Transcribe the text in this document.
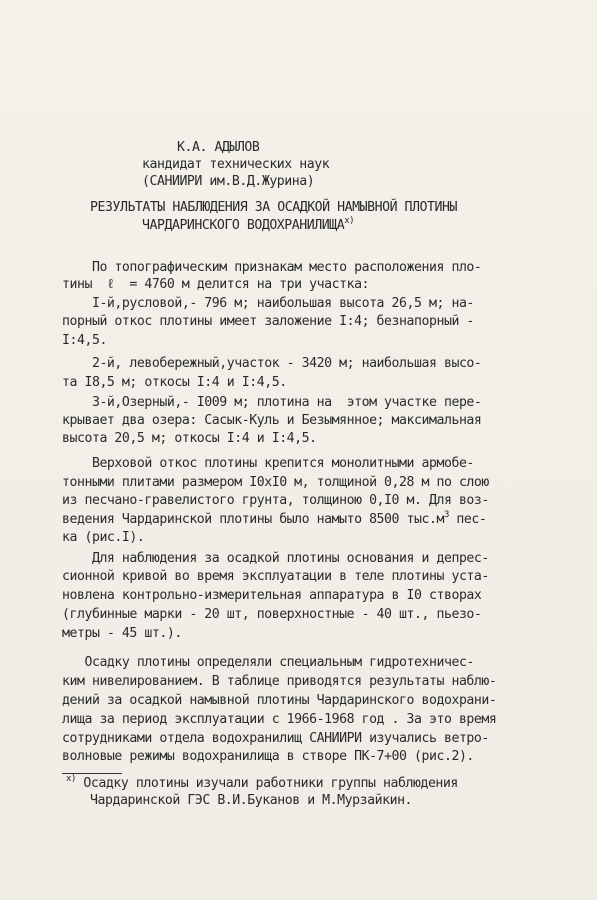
К.А. АДЫЛОВ
кандидат технических наук
(САНИИРИ им.В.Д.Журина)
РЕЗУЛЬТАТЫ НАБЛЮДЕНИЯ ЗА ОСАДКОЙ НАМЫВНОЙ ПЛОТИНЫ
ЧАРДАРИНСКОГО ВОДОХРАНИЛИЩА$^{x)}$
По топографическим признакам место расположения пло-
тины  ℓ  = 4760 м делится на три участка:
I-й,русловой,- 796 м; наибольшая высота 26,5 м; на-
порный откос плотины имеет заложение I:4; безнапорный -
I:4,5.
2-й, левобережный,участок - 3420 м; наибольшая высо-
та I8,5 м; откосы I:4 и I:4,5.
3-й,Озерный,- I009 м; плотина на  этом участке пере-
крывает два озера: Сасык-Куль и Безымянное; максимальная
высота 20,5 м; откосы I:4 и I:4,5.
Верховой откос плотины крепится монолитными армобе-
тонными плитами размером I0xI0 м, толщиной 0,28 м по слою
из песчано-гравелистого грунта, толщиною 0,I0 м. Для воз-
ведения Чардаринской плотины было намыто 8500 $тыс.м^3$ пес-
ка (рис.I).
Для наблюдения за осадкой плотины основания и депрес-
сионной кривой во время эксплуатации в теле плотины уста-
новлена контрольно-измерительная аппаратура в I0 створах
(глубинные марки - 20 шт, поверхностные - 40 шт., пьезо-
метры - 45 шт.).
Осадку плотины определяли специальным гидротехничес-
ким нивелированием. В таблице приводятся результаты наблю-
дений за осадкой намывной плотины Чардаринского водохрани-
лища за период эксплуатации с 1966-1968 год . За это время
сотрудниками отдела водохранилищ САНИИРИ изучались ветро-
волновые режимы водохранилища в створе ПК-7+00 (рис.2).
$^{x)}$ Осадку плотины изучали работники группы наблюдения
Чардаринской ГЭС В.И.Буканов и М.Мурзайкин.
